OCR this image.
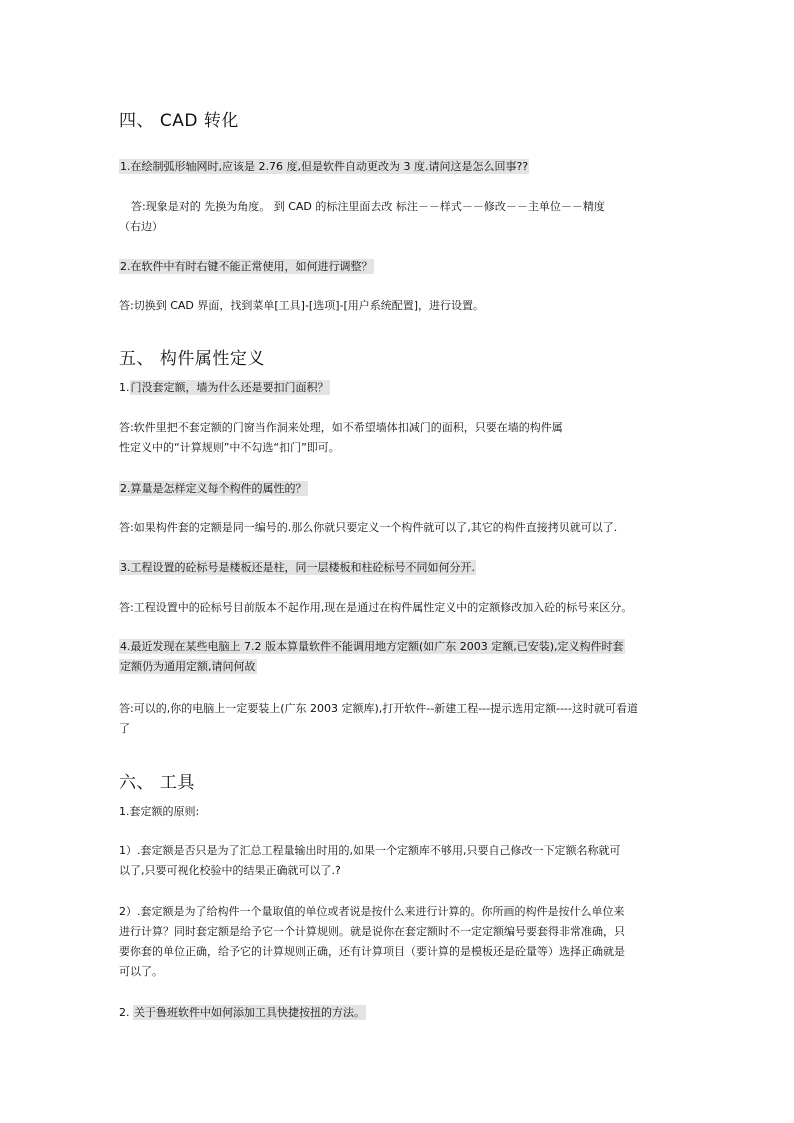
四、 CAD 转化
1.在绘制弧形轴网时,应该是 2.76 度,但是软件自动更改为 3 度.请问这是怎么回事??
答:现象是对的 先换为角度。 到 CAD 的标注里面去改 标注－－样式－－修改－－主单位－－精度
（右边）
2.在软件中有时右键不能正常使用，如何进行调整？
答:切换到 CAD 界面，找到菜单[工具]-[选项]-[用户系统配置]，进行设置。
五、 构件属性定义
1.门没套定额，墙为什么还是要扣门面积？
答:软件里把不套定额的门窗当作洞来处理，如不希望墙体扣减门的面积，只要在墙的构件属
性定义中的“计算规则”中不勾选“扣门”即可。
2.算量是怎样定义每个构件的属性的？
答:如果构件套的定额是同一编号的.那么你就只要定义一个构件就可以了,其它的构件直接拷贝就可以了.
3.工程设置的砼标号是楼板还是柱，同一层楼板和柱砼标号不同如何分开.
答:工程设置中的砼标号目前版本不起作用,现在是通过在构件属性定义中的定额修改加入砼的标号来区分。
4.最近发现在某些电脑上 7.2 版本算量软件不能调用地方定额(如广东 2003 定额,已安装),定义构件时套
定额仍为通用定额,请问何故
答:可以的,你的电脑上一定要装上(广东 2003 定额库),打开软件--新建工程---提示选用定额----这时就可看道
了
六、 工具
1.套定额的原则:
1）.套定额是否只是为了汇总工程量输出时用的,如果一个定额库不够用,只要自己修改一下定额名称就可
以了,只要可视化校验中的结果正确就可以了.?
2）.套定额是为了给构件一个量取值的单位或者说是按什么来进行计算的。你所画的构件是按什么单位来
进行计算？同时套定额是给予它一个计算规则。就是说你在套定额时不一定定额编号要套得非常准确，只
要你套的单位正确，给予它的计算规则正确，还有计算项目（要计算的是模板还是砼量等）选择正确就是
可以了。
2. 关于鲁班软件中如何添加工具快捷按扭的方法。
